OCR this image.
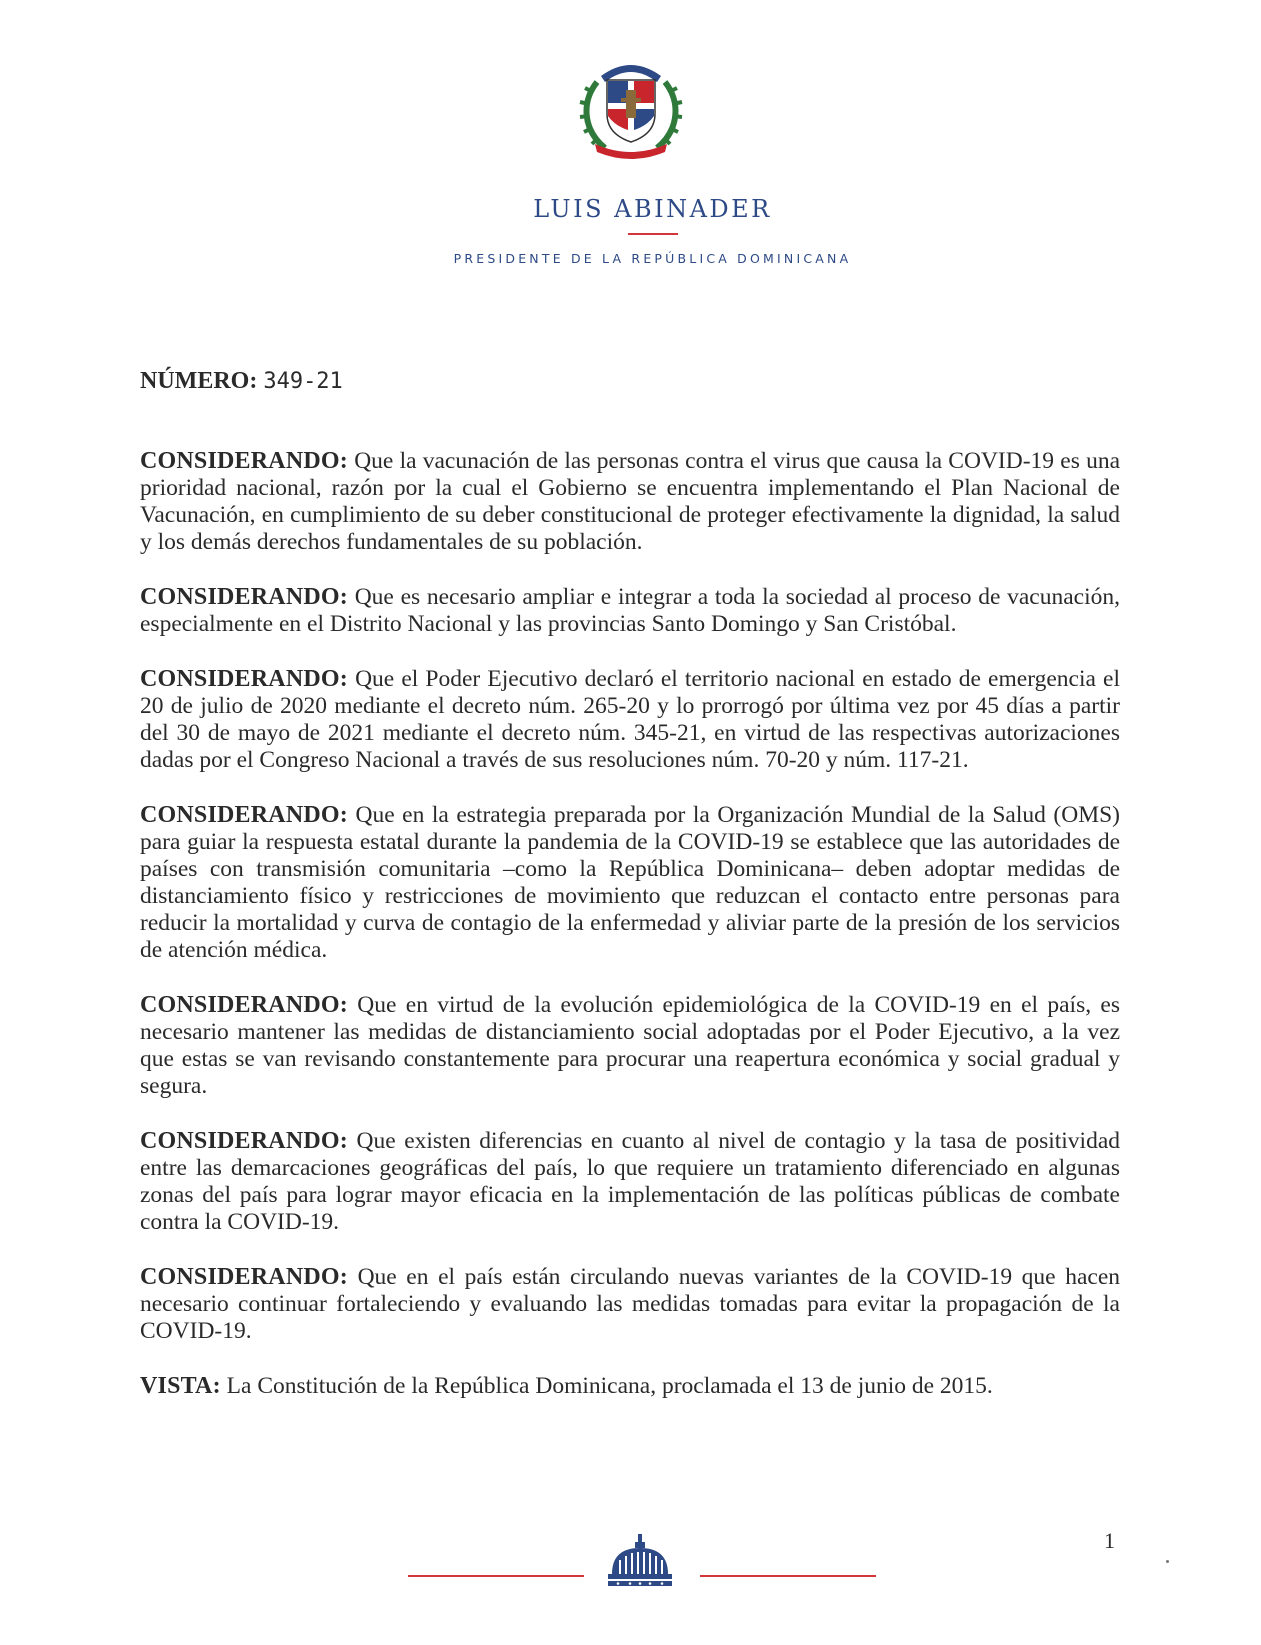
LUIS ABINADER
PRESIDENTE DE LA REPÚBLICA DOMINICANA
NÚMERO: 349-21

CONSIDERANDO: Que la vacunación de las personas contra el virus que causa la COVID-19 es una prioridad nacional, razón por la cual el Gobierno se encuentra implementando el Plan Nacional de Vacunación, en cumplimiento de su deber constitucional de proteger efectivamente la dignidad, la salud y los demás derechos fundamentales de su población.

CONSIDERANDO: Que es necesario ampliar e integrar a toda la sociedad al proceso de vacunación, especialmente en el Distrito Nacional y las provincias Santo Domingo y San Cristóbal.

CONSIDERANDO: Que el Poder Ejecutivo declaró el territorio nacional en estado de emergencia el 20 de julio de 2020 mediante el decreto núm. 265-20 y lo prorrogó por última vez por 45 días a partir del 30 de mayo de 2021 mediante el decreto núm. 345-21, en virtud de las respectivas autorizaciones dadas por el Congreso Nacional a través de sus resoluciones núm. 70-20 y núm. 117-21.

CONSIDERANDO: Que en la estrategia preparada por la Organización Mundial de la Salud (OMS) para guiar la respuesta estatal durante la pandemia de la COVID-19 se establece que las autoridades de países con transmisión comunitaria –como la República Dominicana– deben adoptar medidas de distanciamiento físico y restricciones de movimiento que reduzcan el contacto entre personas para reducir la mortalidad y curva de contagio de la enfermedad y aliviar parte de la presión de los servicios de atención médica.

CONSIDERANDO: Que en virtud de la evolución epidemiológica de la COVID-19 en el país, es necesario mantener las medidas de distanciamiento social adoptadas por el Poder Ejecutivo, a la vez que estas se van revisando constantemente para procurar una reapertura económica y social gradual y segura.

CONSIDERANDO: Que existen diferencias en cuanto al nivel de contagio y la tasa de positividad entre las demarcaciones geográficas del país, lo que requiere un tratamiento diferenciado en algunas zonas del país para lograr mayor eficacia en la implementación de las políticas públicas de combate contra la COVID-19.

CONSIDERANDO: Que en el país están circulando nuevas variantes de la COVID-19 que hacen necesario continuar fortaleciendo y evaluando las medidas tomadas para evitar la propagación de la COVID-19.

VISTA: La Constitución de la República Dominicana, proclamada el 13 de junio de 2015.

1
